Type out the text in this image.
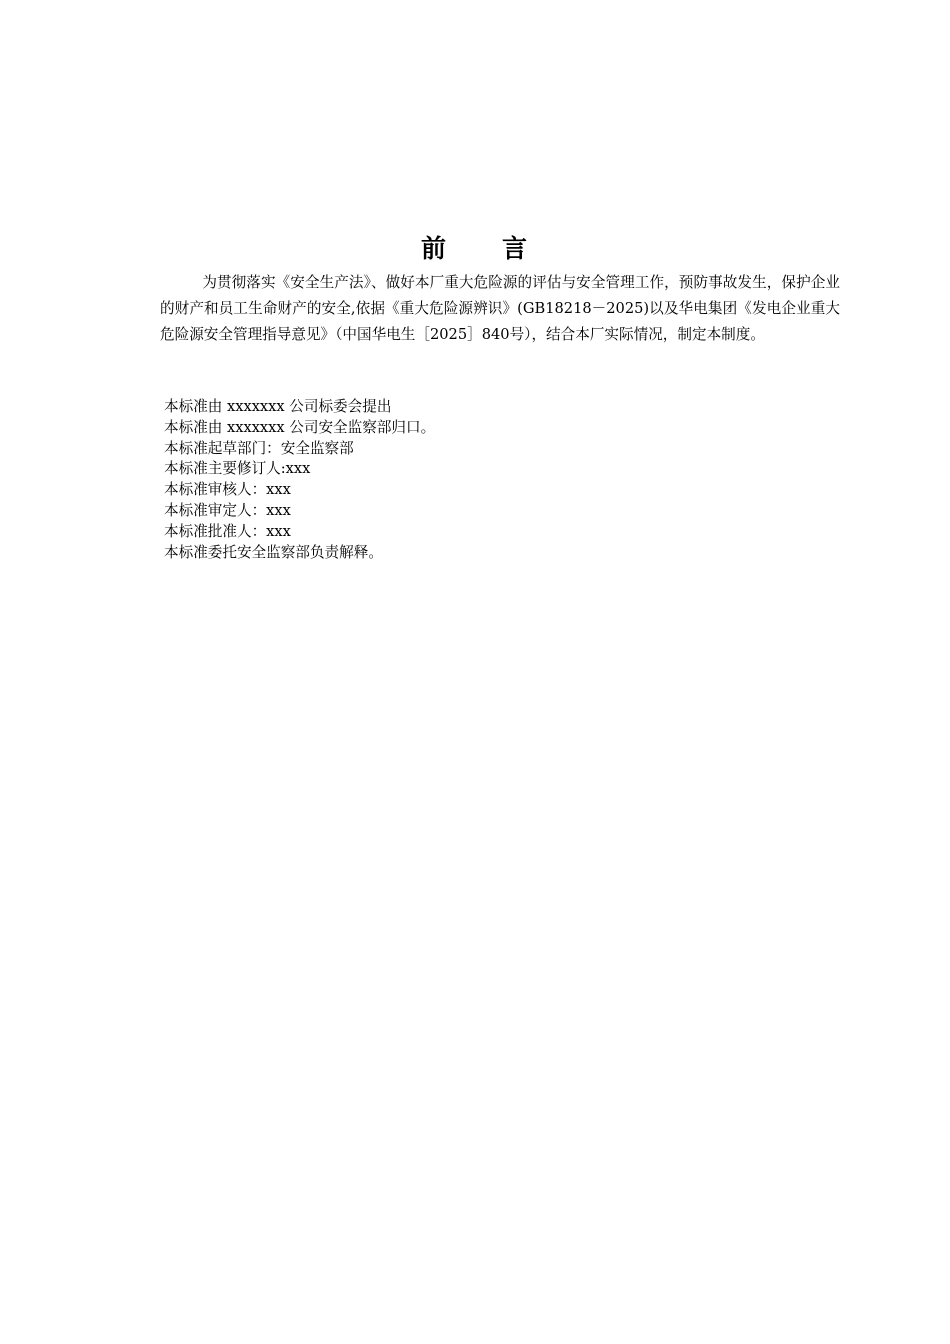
前　　言

为贯彻落实《安全生产法》、做好本厂重大危险源的评估与安全管理工作，预防事故发生，保护企业的财产和员工生命财产的安全,依据《重大危险源辨识》(GB18218－2025)以及华电集团《发电企业重大危险源安全管理指导意见》（中国华电生［2025］840号），结合本厂实际情况，制定本制度。

本标准由 xxxxxxx 公司标委会提出
本标准由 xxxxxxx 公司安全监察部归口。
本标准起草部门：安全监察部
本标准主要修订人:xxx
本标准审核人：xxx
本标准审定人：xxx
本标准批准人：xxx
本标准委托安全监察部负责解释。
